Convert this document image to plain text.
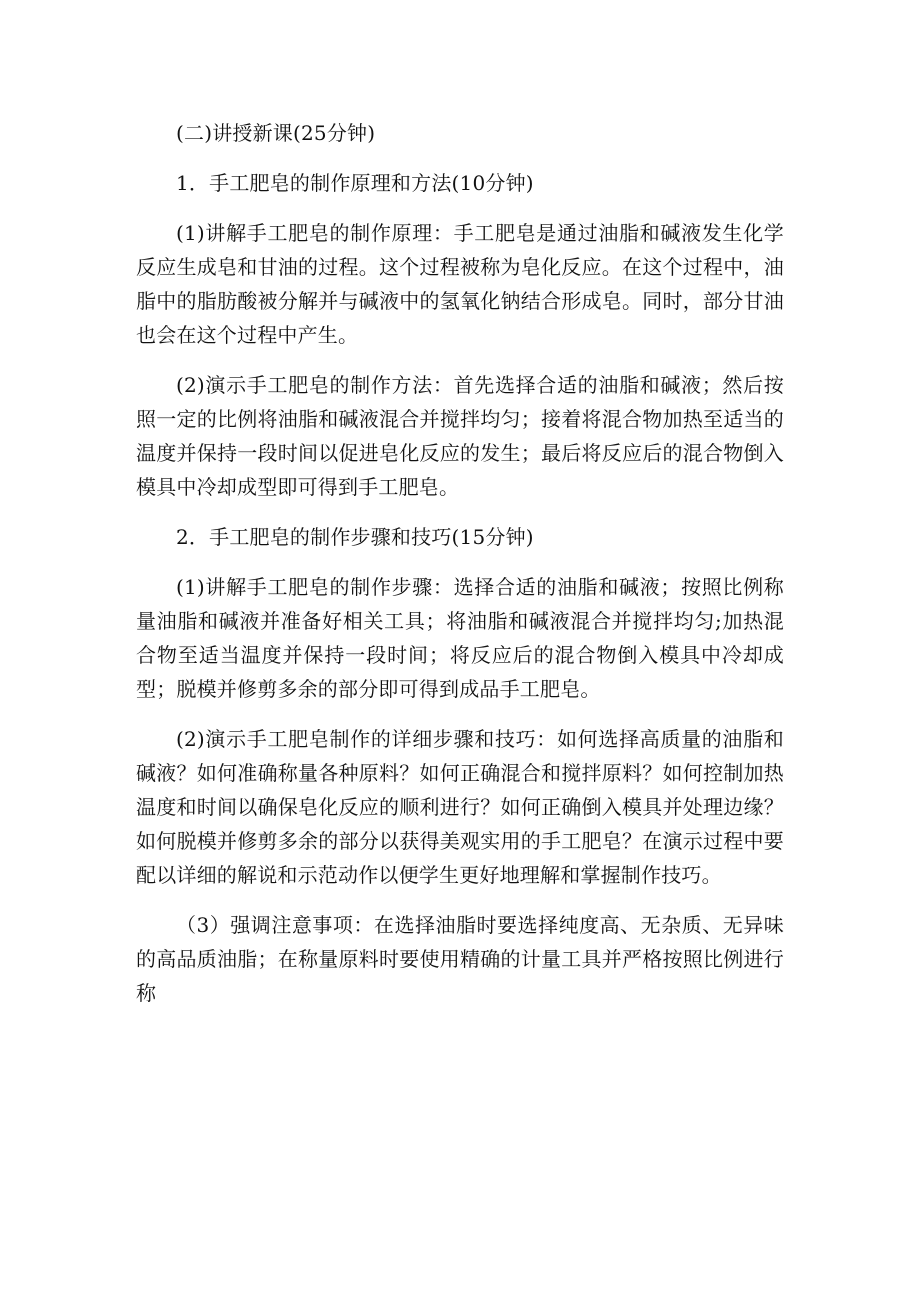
(二)讲授新课(25分钟)

1．手工肥皂的制作原理和方法(10分钟)

(1)讲解手工肥皂的制作原理：手工肥皂是通过油脂和碱液发生化学反应生成皂和甘油的过程。这个过程被称为皂化反应。在这个过程中，油脂中的脂肪酸被分解并与碱液中的氢氧化钠结合形成皂。同时，部分甘油也会在这个过程中产生。

(2)演示手工肥皂的制作方法：首先选择合适的油脂和碱液；然后按照一定的比例将油脂和碱液混合并搅拌均匀；接着将混合物加热至适当的温度并保持一段时间以促进皂化反应的发生；最后将反应后的混合物倒入模具中冷却成型即可得到手工肥皂。

2．手工肥皂的制作步骤和技巧(15分钟)

(1)讲解手工肥皂的制作步骤：选择合适的油脂和碱液；按照比例称量油脂和碱液并准备好相关工具；将油脂和碱液混合并搅拌均匀;加热混合物至适当温度并保持一段时间；将反应后的混合物倒入模具中冷却成型；脱模并修剪多余的部分即可得到成品手工肥皂。

(2)演示手工肥皂制作的详细步骤和技巧：如何选择高质量的油脂和碱液？如何准确称量各种原料？如何正确混合和搅拌原料？如何控制加热温度和时间以确保皂化反应的顺利进行？如何正确倒入模具并处理边缘？如何脱模并修剪多余的部分以获得美观实用的手工肥皂？在演示过程中要配以详细的解说和示范动作以便学生更好地理解和掌握制作技巧。

（3）强调注意事项：在选择油脂时要选择纯度高、无杂质、无异味的高品质油脂；在称量原料时要使用精确的计量工具并严格按照比例进行称
